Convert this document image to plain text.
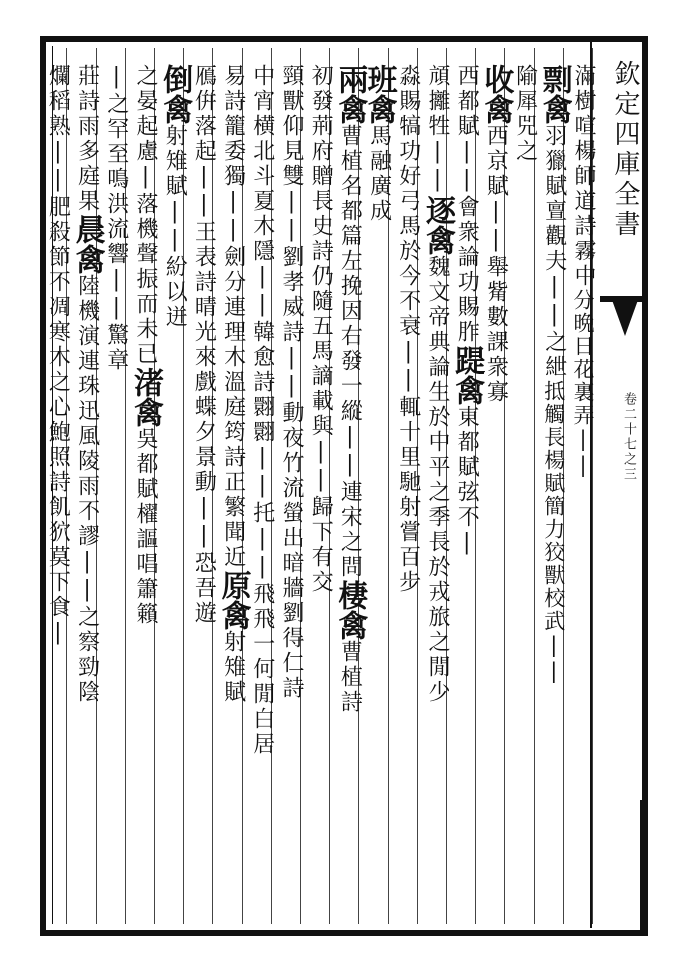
欽定四庫全書
卷二十七之三
滿樹喧楊師道詩霧中分晩日花裏弄||
剽禽羽獵賦亶觀夫||之紲抵觸長楊賦簡力狡獸校武||
隃犀兕之
收禽西京賦||舉觜數課衆寡
西都賦||會衆論功賜胙踶禽東都賦弦不|
頏攡牲||逐禽魏文帝典論生於中平之季長於戎旅之閒少
淼賜犒功好弓馬於今不衰||輒十里馳射嘗百步
班禽馬融廣成
兩禽曹植名都篇左挽因右發一縱||連宋之問棲禽曹植詩
初發荊府贈長史詩仍隨五馬謫載與||歸下有交
頸獸仰見雙||劉孝威詩||動夜竹流螢出暗牆劉得仁詩
中宵横北斗夏木隱||韓愈詩翾翾||托||飛飛一何閒白居
易詩籠委獨||劍分連理木溫庭筠詩正繁聞近原禽射雉賦
鴈倂落起||王表詩晴光來戲蝶夕景動||恐吾遊
倒禽射雉賦||紛以迸
之晏起慮|落機聲振而未已渚禽吳都賦櫂謳唱簫籟
|之罕至鳴洪流響||驚章
莊詩雨多庭果晨禽陸機演連珠迅風陵雨不謬||之察勁陰
爛稻熟||肥殺節不凋寒木之心鮑照詩飢狖莫下食|
